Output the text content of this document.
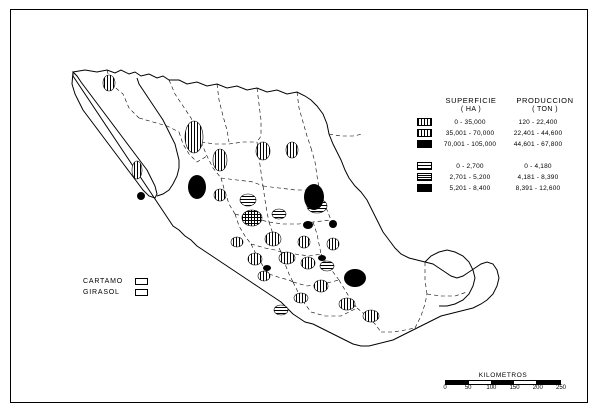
SUPERFICIE	PRODUCCION
( HA )	( TON )
0 - 35,000	120 - 22,400
35,001 - 70,000	22,401 - 44,600
70,001 - 105,000	44,601 - 67,800
0 - 2,700	0 - 4,180
2,701 - 5,200	4,181 - 8,390
5,201 - 8,400	8,391 - 12,600
CARTAMO
GIRASOL
KILOMETROS
0	50 100 150 200 250
